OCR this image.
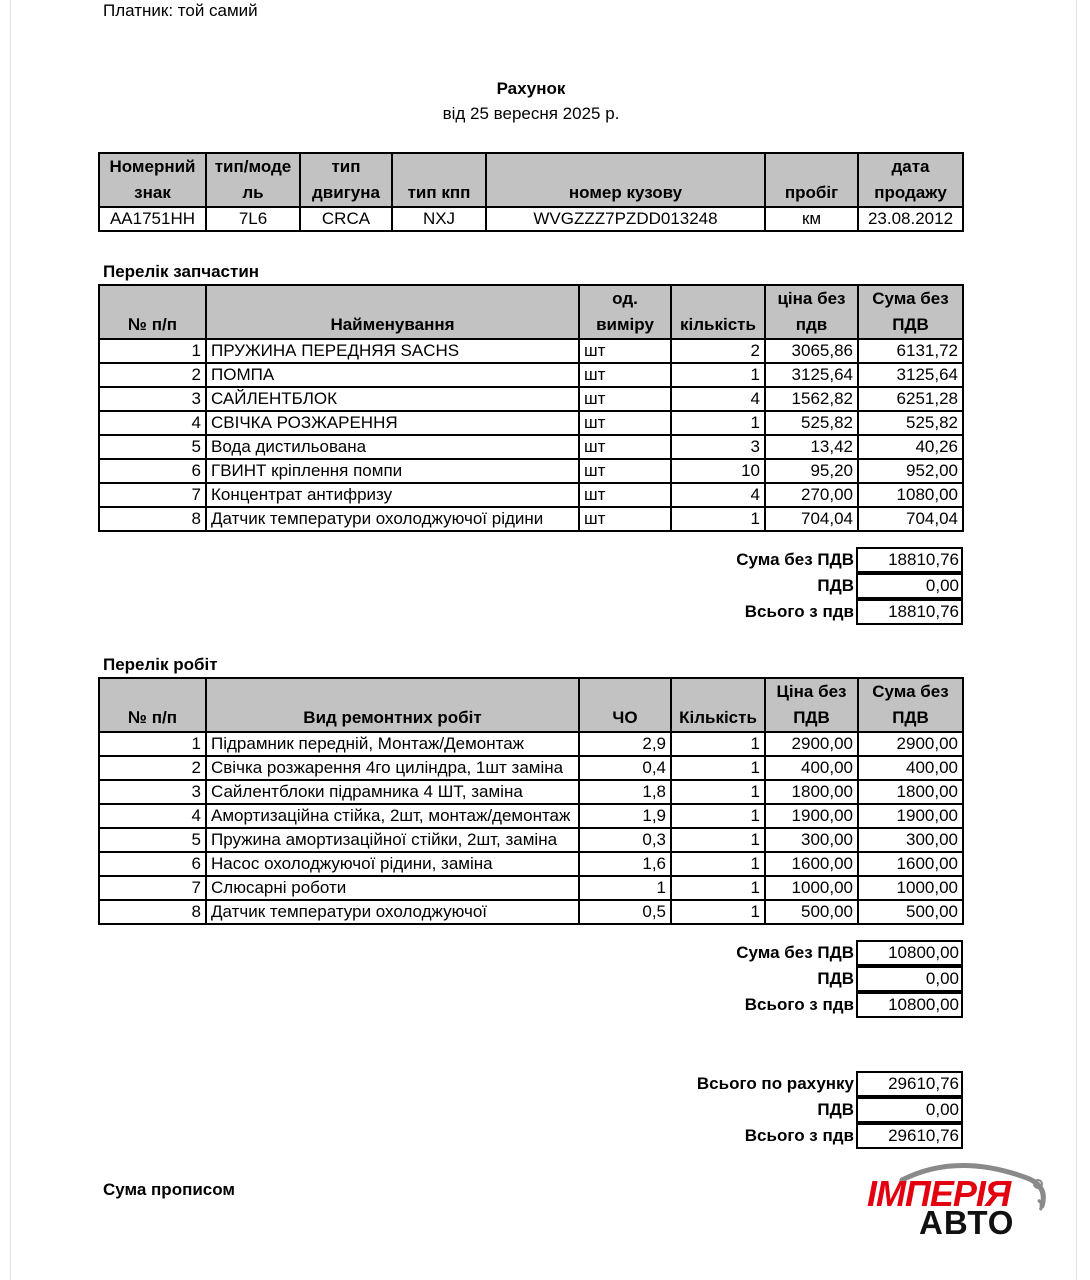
Платник: той самий
Рахунок
від 25 вересня 2025 р.
Номерний знак	тип/моде ль	тип двигуна	тип кпп	номер кузову	пробіг	дата продажу
AA1751HH	7L6	CRCA	NXJ	WVGZZZ7PZDD013248	км	23.08.2012
Перелік запчастин
№ п/п	Найменування	од. виміру	кількість	ціна без пдв	Сума без ПДВ
1	ПРУЖИНА ПЕРЕДНЯЯ SACHS	шт	2	3065,86	6131,72
2	ПОМПА	шт	1	3125,64	3125,64
3	САЙЛЕНТБЛОК	шт	4	1562,82	6251,28
4	СВІЧКА РОЗЖАРЕННЯ	шт	1	525,82	525,82
5	Вода дистильована	шт	3	13,42	40,26
6	ГВИНТ кріплення помпи	шт	10	95,20	952,00
7	Концентрат антифризу	шт	4	270,00	1080,00
8	Датчик температури охолоджуючої рідини	шт	1	704,04	704,04
Сума без ПДВ	18810,76
ПДВ	0,00
Всього з пдв	18810,76
Перелік робіт
№ п/п	Вид ремонтних робіт	ЧО	Кількість	Ціна без ПДВ	Сума без ПДВ
1	Підрамник передній, Монтаж/Демонтаж	2,9	1	2900,00	2900,00
2	Свічка розжарення 4го циліндра, 1шт заміна	0,4	1	400,00	400,00
3	Сайлентблоки підрамника 4 ШТ, заміна	1,8	1	1800,00	1800,00
4	Амортизаційна стійка, 2шт, монтаж/демонтаж	1,9	1	1900,00	1900,00
5	Пружина амортизаційної стійки, 2шт, заміна	0,3	1	300,00	300,00
6	Насос охолоджуючої рідини, заміна	1,6	1	1600,00	1600,00
7	Слюсарні роботи	1	1	1000,00	1000,00
8	Датчик температури охолоджуючої	0,5	1	500,00	500,00
Сума без ПДВ	10800,00
ПДВ	0,00
Всього з пдв	10800,00
Всього по рахунку	29610,76
ПДВ	0,00
Всього з пдв	29610,76
Сума прописом	ІМПЕРІЯ
АВТО
